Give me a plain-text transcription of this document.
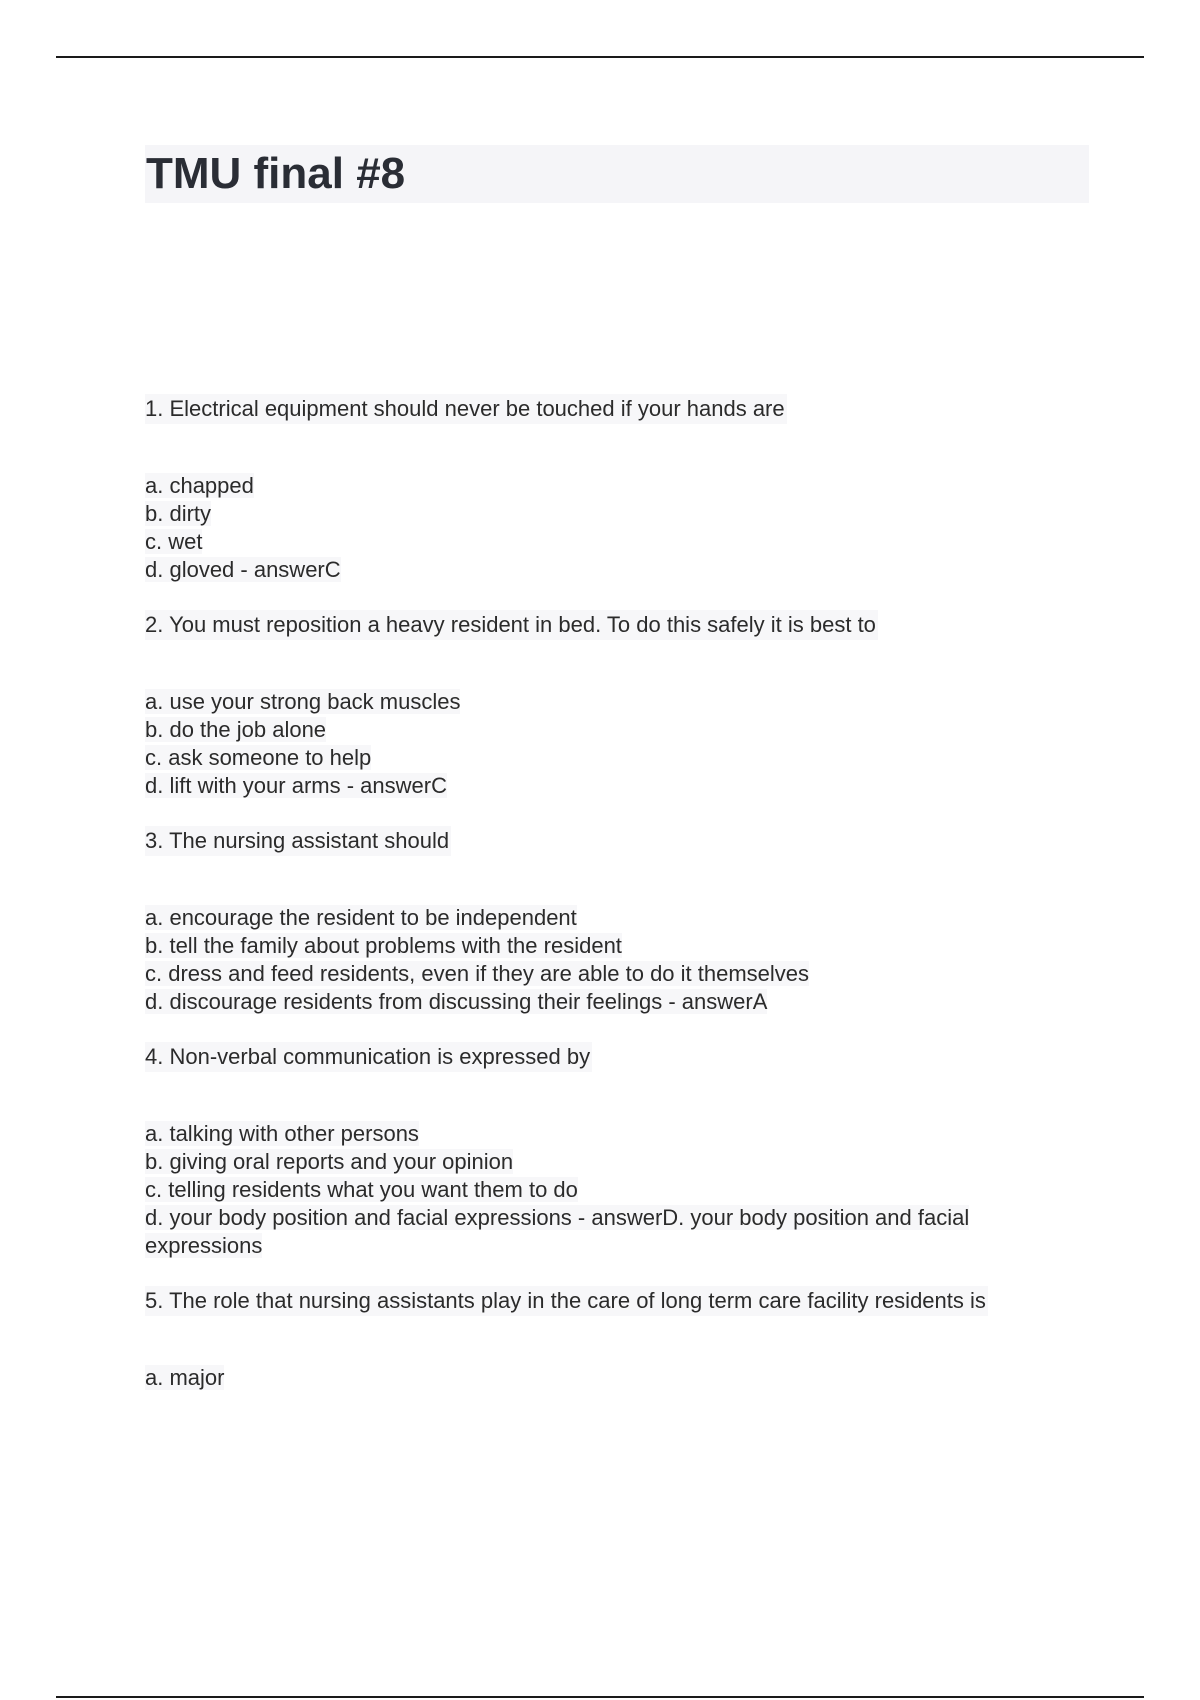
TMU final #8
1. Electrical equipment should never be touched if your hands are
a. chapped
b. dirty
c. wet
d. gloved - answerC
2. You must reposition a heavy resident in bed. To do this safely it is best to
a. use your strong back muscles
b. do the job alone
c. ask someone to help
d. lift with your arms - answerC
3. The nursing assistant should
a. encourage the resident to be independent
b. tell the family about problems with the resident
c. dress and feed residents, even if they are able to do it themselves
d. discourage residents from discussing their feelings - answerA
4. Non-verbal communication is expressed by
a. talking with other persons
b. giving oral reports and your opinion
c. telling residents what you want them to do
d. your body position and facial expressions - answerD. your body position and facial expressions
5. The role that nursing assistants play in the care of long term care facility residents is
a. major
